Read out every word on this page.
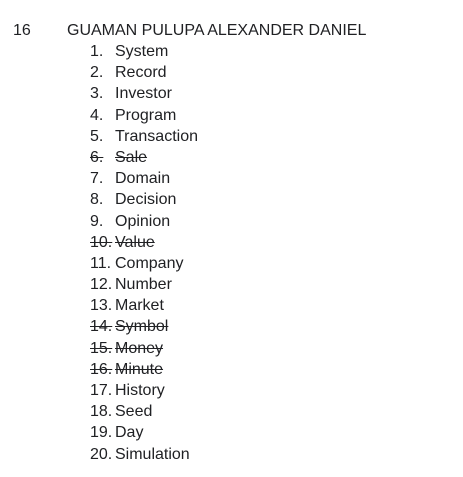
16 GUAMAN PULUPA ALEXANDER DANIEL
1. System
2. Record
3. Investor
4. Program
5. Transaction
6. Sale
7. Domain
8. Decision
9. Opinion
10. Value
11. Company
12. Number
13. Market
14. Symbol
15. Money
16. Minute
17. History
18. Seed
19. Day
20. Simulation
